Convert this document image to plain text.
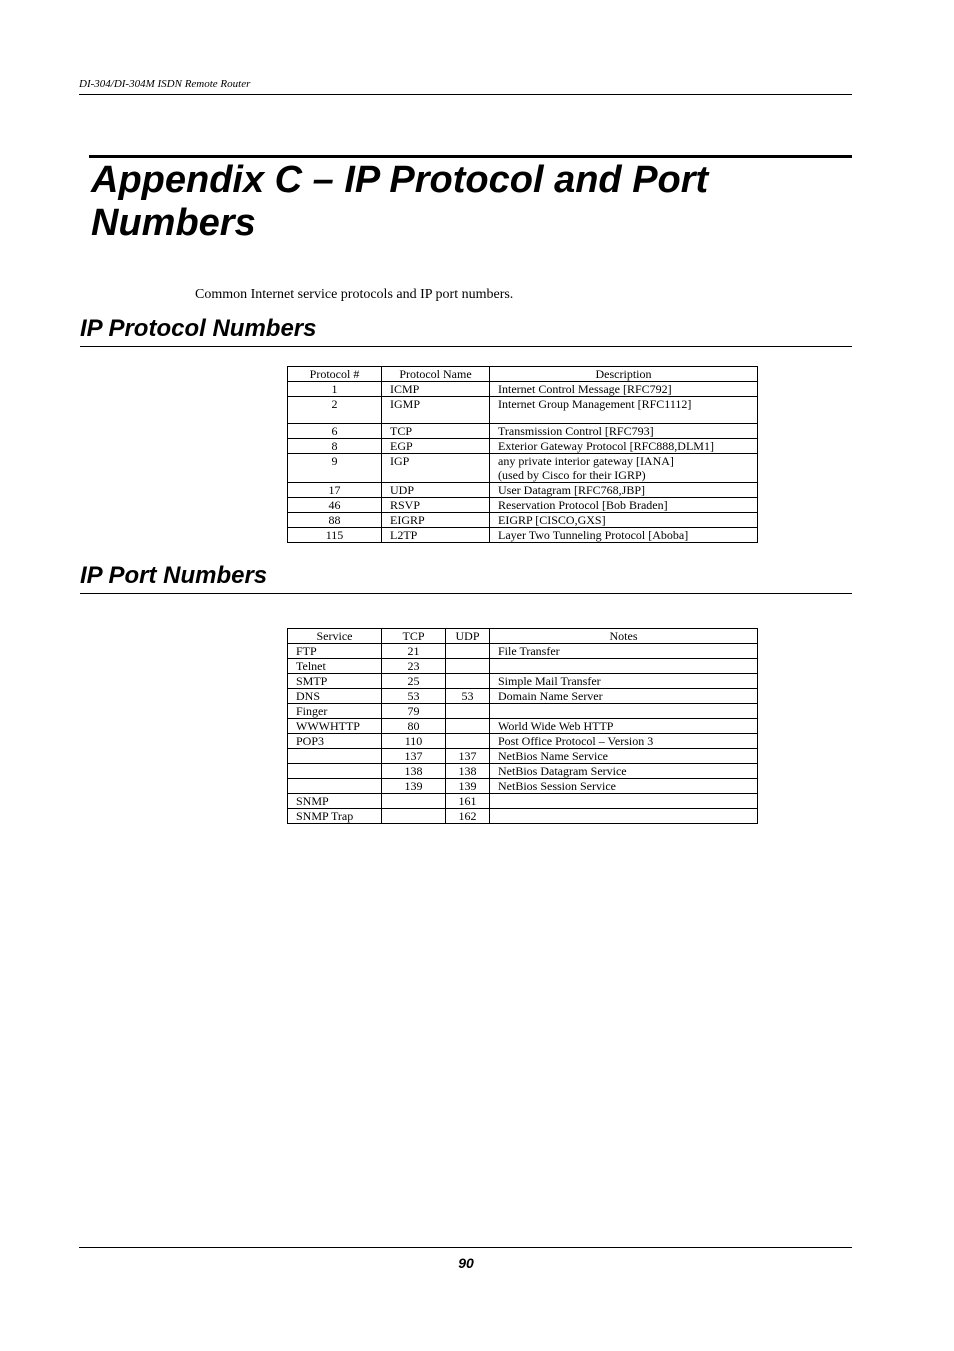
DI-304/DI-304M ISDN Remote Router
Appendix C – IP Protocol and Port Numbers
Common Internet service protocols and IP port numbers.
IP Protocol Numbers
Protocol #	Protocol Name	Description
1	ICMP	Internet Control Message [RFC792]
2	IGMP	Internet Group Management [RFC1112]
6	TCP	Transmission Control [RFC793]
8	EGP	Exterior Gateway Protocol [RFC888,DLM1]
9	IGP	any private interior gateway [IANA]
(used by Cisco for their IGRP)

17	UDP	User Datagram [RFC768,JBP]
46	RSVP	Reservation Protocol [Bob Braden]
88	EIGRP	EIGRP [CISCO,GXS]
115	L2TP	Layer Two Tunneling Protocol [Aboba]
IP Port Numbers
Service	TCP	UDP	Notes
FTP	21		File Transfer
Telnet	23		
SMTP	25		Simple Mail Transfer
DNS	53	53	Domain Name Server
Finger	79		
WWWHTTP	80		World Wide Web HTTP
POP3	110		Post Office Protocol – Version 3
	137	137	NetBios Name Service
	138	138	NetBios Datagram Service
	139	139	NetBios Session Service
SNMP		161	
SNMP Trap		162	
90
